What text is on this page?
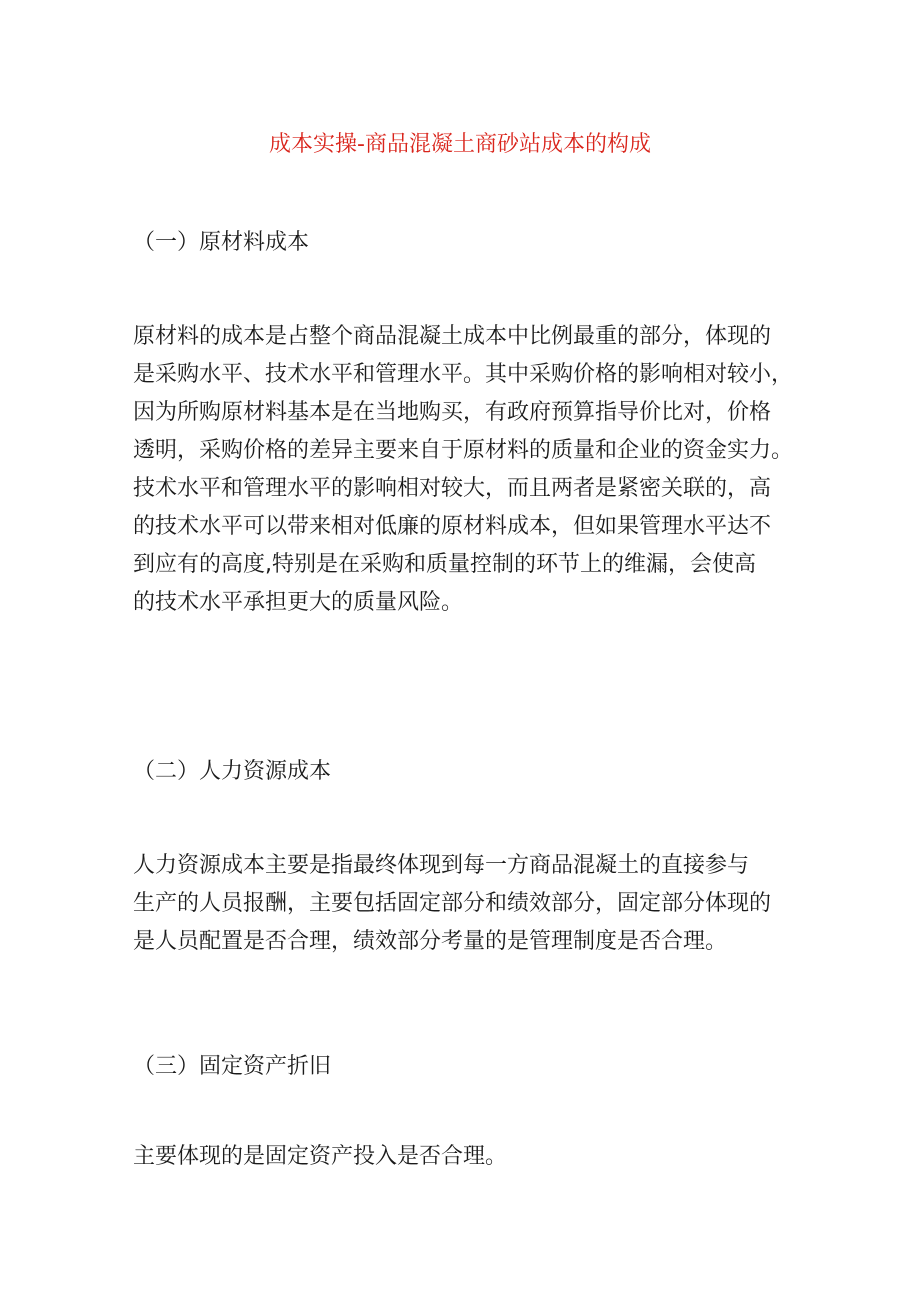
成本实操-商品混凝土商砂站成本的构成
（一）原材料成本
原材料的成本是占整个商品混凝土成本中比例最重的部分，体现的
是采购水平、技术水平和管理水平。其中采购价格的影响相对较小，
因为所购原材料基本是在当地购买，有政府预算指导价比对，价格
透明，采购价格的差异主要来自于原材料的质量和企业的资金实力。
技术水平和管理水平的影响相对较大，而且两者是紧密关联的，高
的技术水平可以带来相对低廉的原材料成本，但如果管理水平达不
到应有的高度,特别是在采购和质量控制的环节上的维漏，会使高
的技术水平承担更大的质量风险。
（二）人力资源成本
人力资源成本主要是指最终体现到每一方商品混凝土的直接参与
生产的人员报酬，主要包括固定部分和绩效部分，固定部分体现的
是人员配置是否合理，绩效部分考量的是管理制度是否合理。
（三）固定资产折旧
主要体现的是固定资产投入是否合理。
